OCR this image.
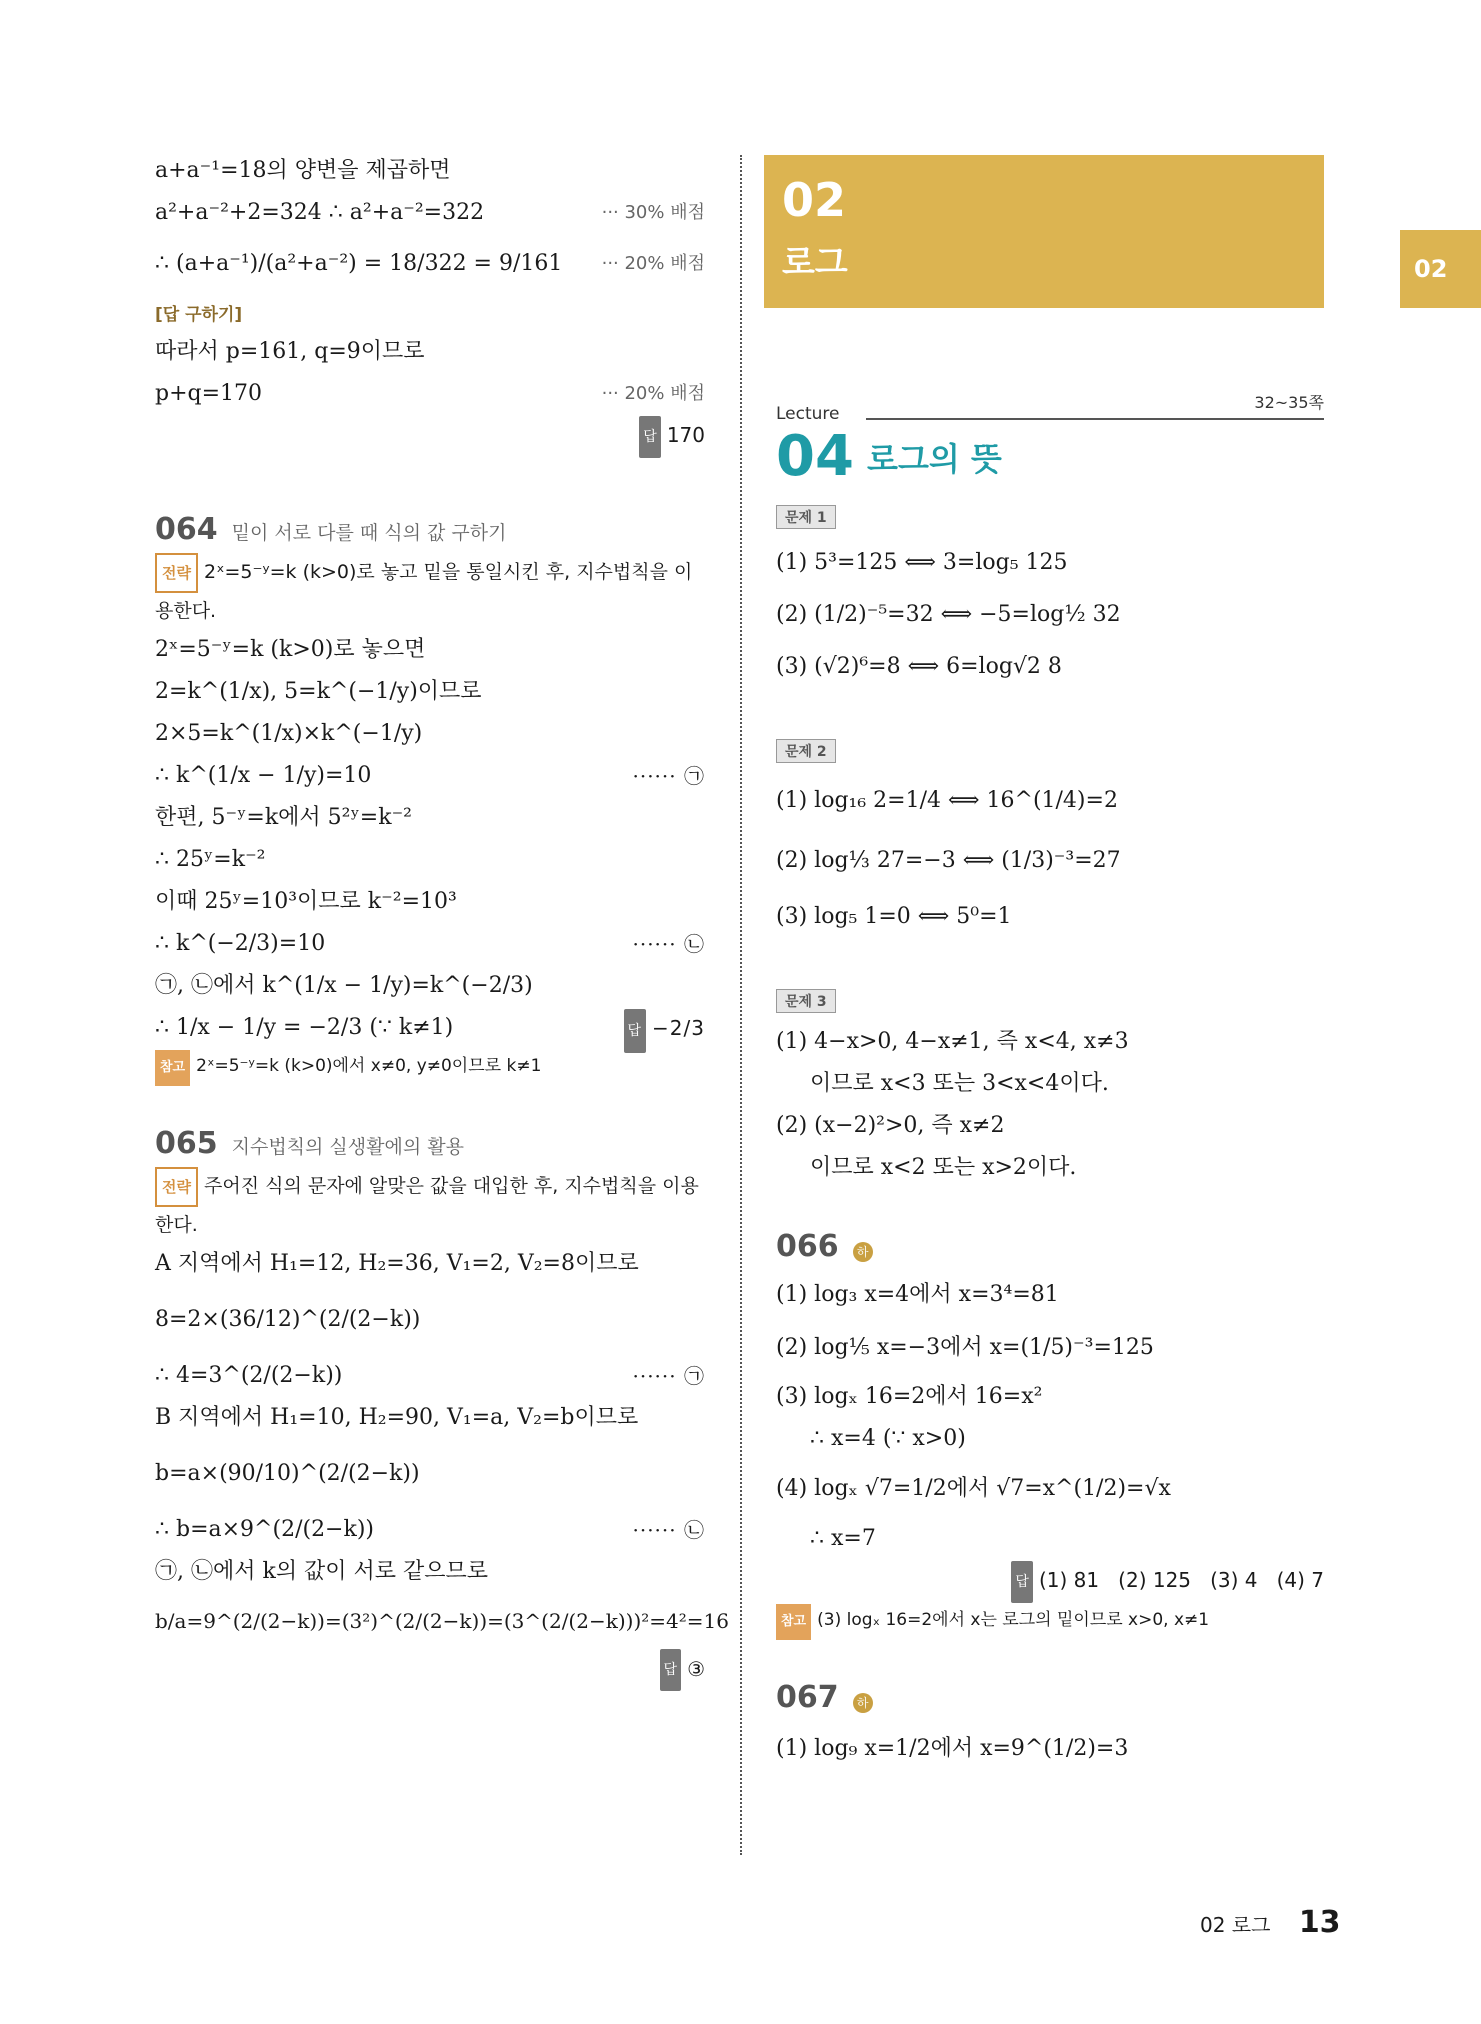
a+a⁻¹=18의 양변을 제곱하면
a²+a⁻²+2=324 ∴ a²+a⁻²=322	··· 30% 배점
∴ (a+a⁻¹)/(a²+a⁻²) = 18/322 = 9/161 ··· 20% 배점
[답 구하기]
따라서 p=161, q=9이므로
p+q=170	··· 20% 배점
답 170
064 밑이 서로 다를 때 식의 값 구하기
전략 2ˣ=5⁻ʸ=k (k>0)로 놓고 밑을 통일시킨 후, 지수법칙을 이용한다.
2ˣ=5⁻ʸ=k (k>0)로 놓으면
2=k^(1/x), 5=k^(−1/y)이므로
2×5=k^(1/x)×k^(−1/y)
∴ k^(1/x − 1/y)=10	······ ㉠
한편, 5⁻ʸ=k에서 5²ʸ=k⁻²
∴ 25ʸ=k⁻²
이때 25ʸ=10³이므로 k⁻²=10³
∴ k^(−2/3)=10	······ ㉡
㉠, ㉡에서 k^(1/x − 1/y)=k^(−2/3)
∴ 1/x − 1/y = −2/3 (∵ k≠1)	답 −2/3
참고 2ˣ=5⁻ʸ=k (k>0)에서 x≠0, y≠0이므로 k≠1
065 지수법칙의 실생활에의 활용
전략 주어진 식의 문자에 알맞은 값을 대입한 후, 지수법칙을 이용한다.
A 지역에서 H₁=12, H₂=36, V₁=2, V₂=8이므로
8=2×(36/12)^(2/(2−k))
∴ 4=3^(2/(2−k))	······ ㉠
B 지역에서 H₁=10, H₂=90, V₁=a, V₂=b이므로
b=a×(90/10)^(2/(2−k))
∴ b=a×9^(2/(2−k))	······ ㉡
㉠, ㉡에서 k의 값이 서로 같으므로
b/a=9^(2/(2−k))=(3²)^(2/(2−k))=(3^(2/(2−k)))²=4²=16
답 ③
02
로그	02
Lecture
32~35쪽
04 로그의 뜻
문제 1
(1) 5³=125 ⟺ 3=log₅ 125
(2) (1/2)⁻⁵=32 ⟺ −5=log½ 32
(3) (√2)⁶=8 ⟺ 6=log√2 8
문제 2
(1) log₁₆ 2=1/4 ⟺ 16^(1/4)=2
(2) log⅓ 27=−3 ⟺ (1/3)⁻³=27
(3) log₅ 1=0 ⟺ 5⁰=1
문제 3
(1) 4−x>0, 4−x≠1, 즉 x<4, x≠3
이므로 x<3 또는 3<x<4이다.
(2) (x−2)²>0, 즉 x≠2
이므로 x<2 또는 x>2이다.
066	하
(1) log₃ x=4에서 x=3⁴=81
(2) log⅕ x=−3에서 x=(1/5)⁻³=125
(3) logₓ 16=2에서 16=x²
∴ x=4 (∵ x>0)
(4) logₓ √7=1/2에서 √7=x^(1/2)=√x
∴ x=7
답 (1) 81   (2) 125   (3) 4   (4) 7
참고 (3) logₓ 16=2에서 x는 로그의 밑이므로 x>0, x≠1
067	하
(1) log₉ x=1/2에서 x=9^(1/2)=3
02 로그 13
